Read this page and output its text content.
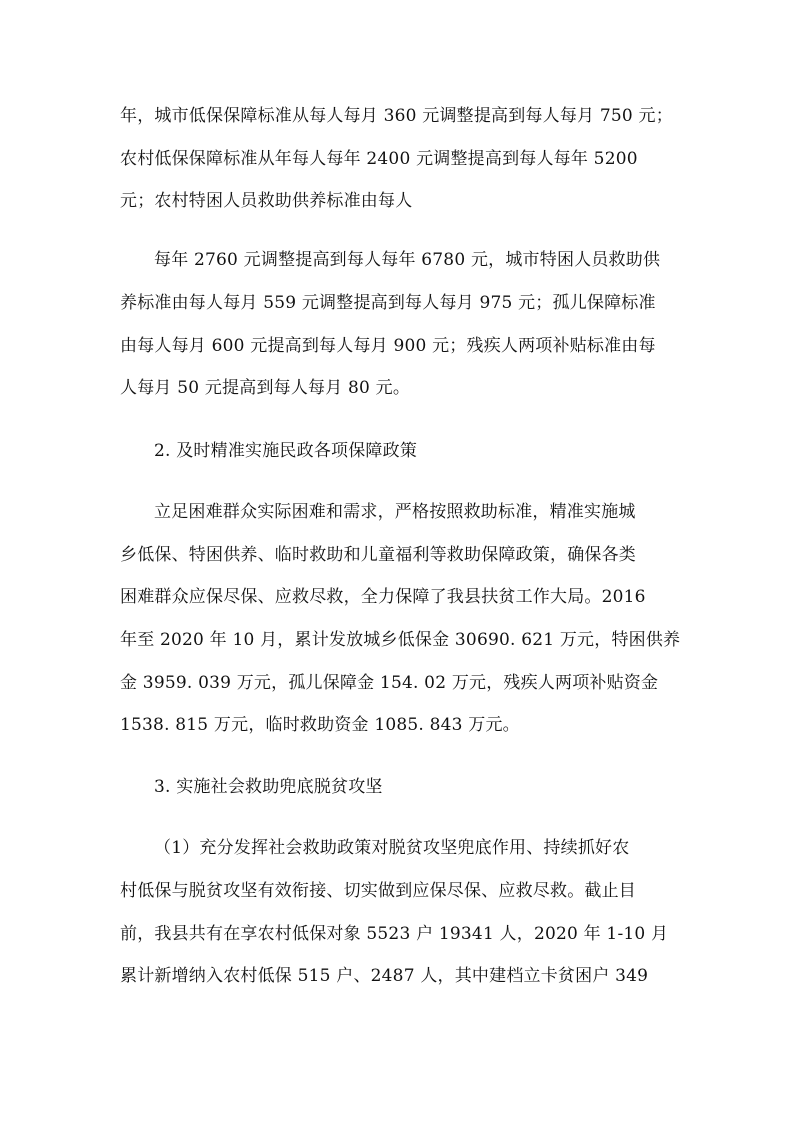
年，城市低保保障标准从每人每月 360 元调整提高到每人每月 750 元；
农村低保保障标准从年每人每年 2400 元调整提高到每人每年 5200
元；农村特困人员救助供养标准由每人
每年 2760 元调整提高到每人每年 6780 元，城市特困人员救助供
养标准由每人每月 559 元调整提高到每人每月 975 元；孤儿保障标准
由每人每月 600 元提高到每人每月 900 元；残疾人两项补贴标准由每
人每月 50 元提高到每人每月 80 元。
2. 及时精准实施民政各项保障政策
立足困难群众实际困难和需求，严格按照救助标准，精准实施城
乡低保、特困供养、临时救助和儿童福利等救助保障政策，确保各类
困难群众应保尽保、应救尽救，全力保障了我县扶贫工作大局。2016
年至 2020 年 10 月，累计发放城乡低保金 30690. 621 万元，特困供养
金 3959. 039 万元，孤儿保障金 154. 02 万元，残疾人两项补贴资金
1538. 815 万元，临时救助资金 1085. 843 万元。
3. 实施社会救助兜底脱贫攻坚
（1）充分发挥社会救助政策对脱贫攻坚兜底作用、持续抓好农
村低保与脱贫攻坚有效衔接、切实做到应保尽保、应救尽救。截止目
前，我县共有在享农村低保对象 5523 户 19341 人，2020 年 1-10 月
累计新增纳入农村低保 515 户、2487 人，其中建档立卡贫困户 349
